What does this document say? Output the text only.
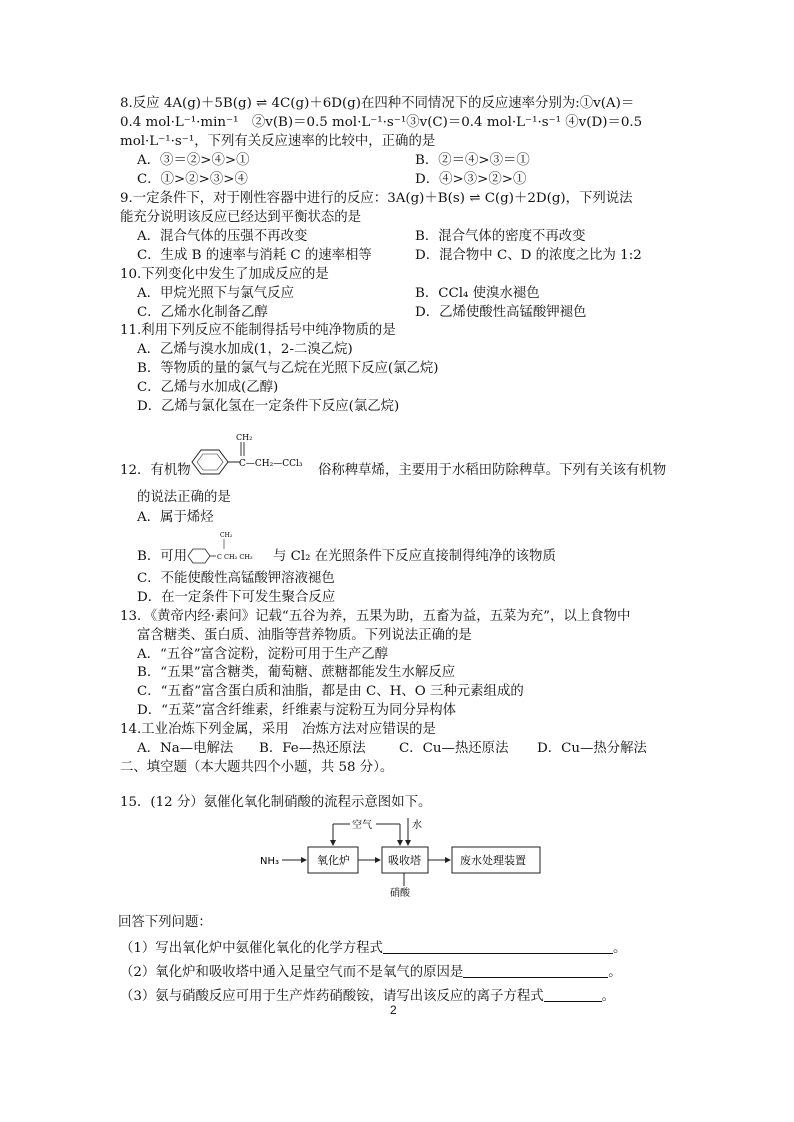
8.反应 4A(g)＋5B(g) ⇌ 4C(g)＋6D(g)在四种不同情况下的反应速率分别为:①v(A)＝
0.4 mol·L⁻¹·min⁻¹　②v(B)＝0.5 mol·L⁻¹·s⁻¹③v(C)＝0.4 mol·L⁻¹·s⁻¹ ④v(D)＝0.5
mol·L⁻¹·s⁻¹，下列有关反应速率的比较中，正确的是
A．③＝②>④>①	B．②＝④>③＝①
C．①>②>③>④	D．④>③>②>①
9.一定条件下，对于刚性容器中进行的反应：3A(g)＋B(s) ⇌ C(g)＋2D(g)，下列说法
能充分说明该反应已经达到平衡状态的是
A．混合气体的压强不再改变	B．混合气体的密度不再改变
C．生成 B 的速率与消耗 C 的速率相等	D．混合物中 C、D 的浓度之比为 1:2
10.下列变化中发生了加成反应的是
A．甲烷光照下与氯气反应	B．CCl₄ 使溴水褪色
C．乙烯水化制备乙醇	D．乙烯使酸性高锰酸钾褪色
11.利用下列反应不能制得括号中纯净物质的是
A．乙烯与溴水加成(1，2-二溴乙烷)
B．等物质的量的氯气与乙烷在光照下反应(氯乙烷)
C．乙烯与水加成(乙醇)
D．乙烯与氯化氢在一定条件下反应(氯乙烷)
12．有机物
CH₂
C—CH₂—CCl₃ 俗称稗草烯，主要用于水稻田防除稗草。下列有关该有机物
的说法正确的是
A．属于烯烃
B．可用
CH₂
C CH₂ CH₃ 与 Cl₂ 在光照条件下反应直接制得纯净的该物质
C．不能使酸性高锰酸钾溶液褪色
D．在一定条件下可发生聚合反应
13．《黄帝内经·素问》记载“五谷为养，五果为助，五畜为益，五菜为充”，以上食物中
富含糖类、蛋白质、油脂等营养物质。下列说法正确的是
A．“五谷”富含淀粉，淀粉可用于生产乙醇
B．“五果”富含糖类，葡萄糖、蔗糖都能发生水解反应
C．“五畜”富含蛋白质和油脂，都是由 C、H、O 三种元素组成的
D．“五菜”富含纤维素，纤维素与淀粉互为同分异构体
14.工业冶炼下列金属，采用　冶炼方法对应错误的是
A．Na—电解法 B．Fe—热还原法 C．Cu—热还原法 D．Cu—热分解法
二、填空题（本大题共四个小题，共 58 分）。
15．(12 分）氨催化氧化制硝酸的流程示意图如下。
NH₃	氧化炉	吸收塔	废水处理装置
空气	水
硝酸
回答下列问题：
（1）写出氧化炉中氨催化氧化的化学方程式	。
（2）氧化炉和吸收塔中通入足量空气而不是氧气的原因是	。
（3）氨与硝酸反应可用于生产炸药硝酸铵，请写出该反应的离子方程式	。
2
